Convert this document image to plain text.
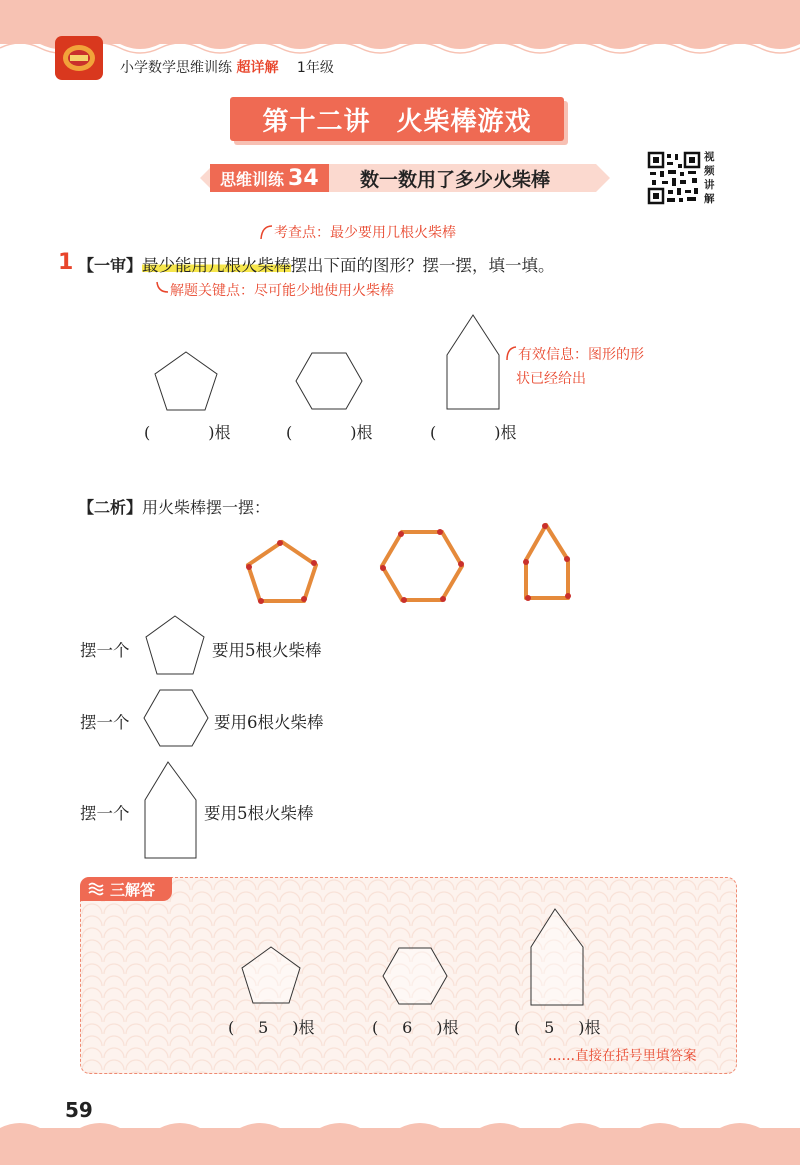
小学数学思维训练 超详解 1年级
第十二讲 火柴棒游戏
思维训练 34 数一数用了多少火柴棒
视
频
讲
解
考查点：最少要用几根火柴棒
1 【一审】 最少能用几根火柴棒摆出下面的图形？摆一摆，填一填。
解题关键点：尽可能少地使用火柴棒
有效信息：图形的形
状已经给出
(	)根	(	)根	(	)根
【二析】用火柴棒摆一摆：
摆一个	要用5根火柴棒
摆一个	要用6根火柴棒
摆一个	要用5根火柴棒
三解答
( 5 )根	( 6 )根	( 5 )根
……直接在括号里填答案
59
